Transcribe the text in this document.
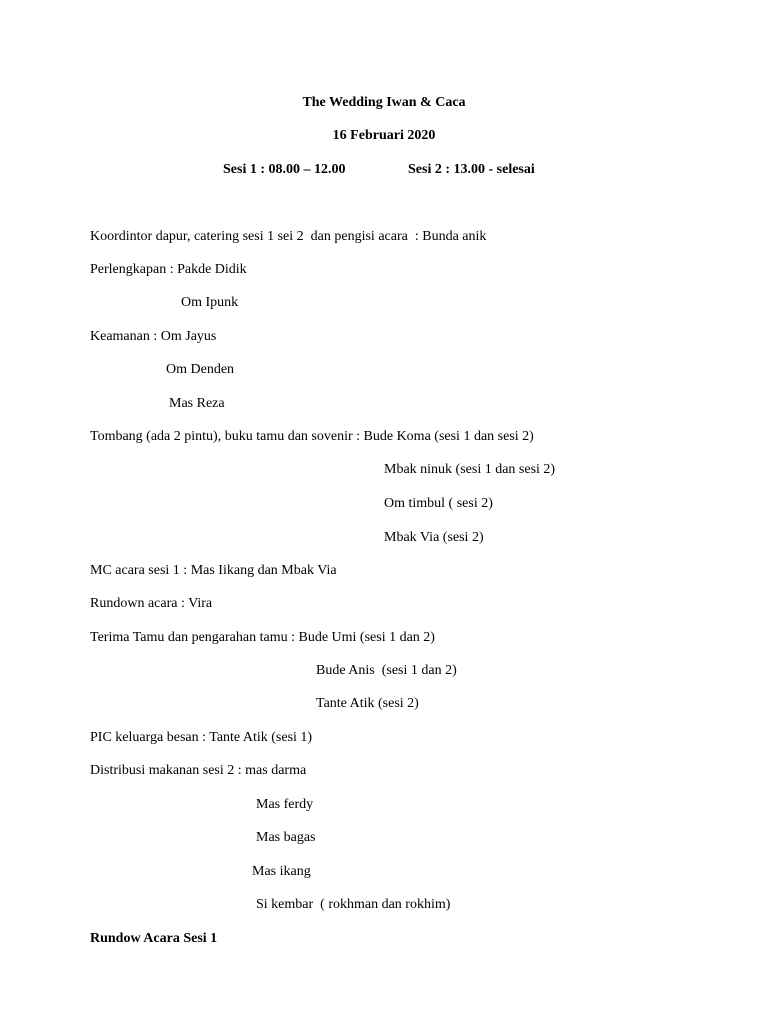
The Wedding Iwan & Caca
16 Februari 2020
Sesi 1 : 08.00 – 12.00	Sesi 2 : 13.00 - selesai
Koordintor dapur, catering sesi 1 sei 2  dan pengisi acara  : Bunda anik
Perlengkapan : Pakde Didik
Om Ipunk
Keamanan : Om Jayus
Om Denden
Mas Reza
Tombang (ada 2 pintu), buku tamu dan sovenir : Bude Koma (sesi 1 dan sesi 2)
Mbak ninuk (sesi 1 dan sesi 2)
Om timbul ( sesi 2)
Mbak Via (sesi 2)
MC acara sesi 1 : Mas Iikang dan Mbak Via
Rundown acara : Vira
Terima Tamu dan pengarahan tamu : Bude Umi (sesi 1 dan 2)
Bude Anis  (sesi 1 dan 2)
Tante Atik (sesi 2)
PIC keluarga besan : Tante Atik (sesi 1)
Distribusi makanan sesi 2 : mas darma
Mas ferdy
Mas bagas
Mas ikang
Si kembar  ( rokhman dan rokhim)
Rundow Acara Sesi 1
